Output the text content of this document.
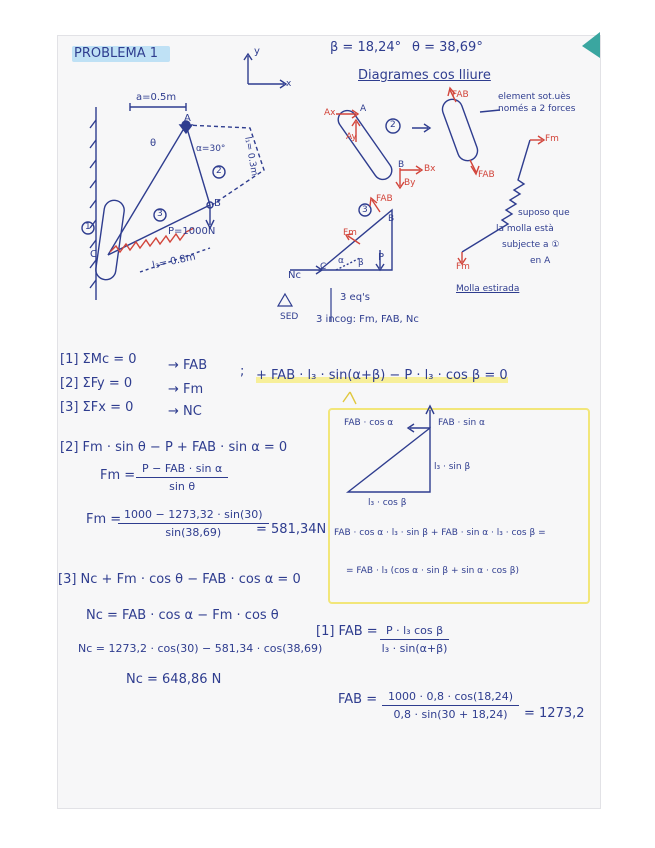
PROBLEMA 1	β = 18,24° θ = 38,69°
Diagrames cos lliure
y
x
a=0.5m
l₁= 0.3m
α=30°
θ
P=1000N
l₃= 0.8m
A
B
C
1
2
3
Ax
Ay
A
2
B Bx
By
FAB
FAB
element sot.uès
només a 2 forces
Fm
Fm
suposo que
la molla està
subjecte a ①
en A
Molla estirada
3
FAB
B
Fm
α β
C
Nc
P
SED
3 eq's
3 incog: Fm, FAB, Nc
[1] ΣMc = 0 → FAB	; + FAB · l₃ · sin(α+β) − P · l₃ · cos β = 0
[2] ΣFy = 0	→ Fm
[3] ΣFx = 0	→ NC
[2] Fm · sin θ − P + FAB · sin α = 0
Fm = P − FAB · sin α
sin θ
Fm =
$\frac{1000 - 1273,32 \cdot \sin(30)}{\sin(38,69)}$
= 581,34N
[3] Nc + Fm · cos θ − FAB · cos α = 0
Nc = FAB · cos α − Fm · cos θ
Nc = 1273,2 · cos(30) − 581,34 · cos(38,69)
Nc = 648,86 N
[1] FAB = $\frac{\text{P · l₃ cos β}}{\text{l₃ · sin(α+β)}}$
FAB = $\frac{1000 \cdot 0,8 \cdot \cos(18,24)}{0,8 \cdot \sin(30 + 18,24)} = 1273,2$
FAB · cos α	FAB · sin α
l₃ · sin β
l₃ · cos β
FAB · cos α · l₃ · sin β + FAB · sin α · l₃ · cos β =
= FAB · l₃ (cos α · sin β + sin α · cos β)
